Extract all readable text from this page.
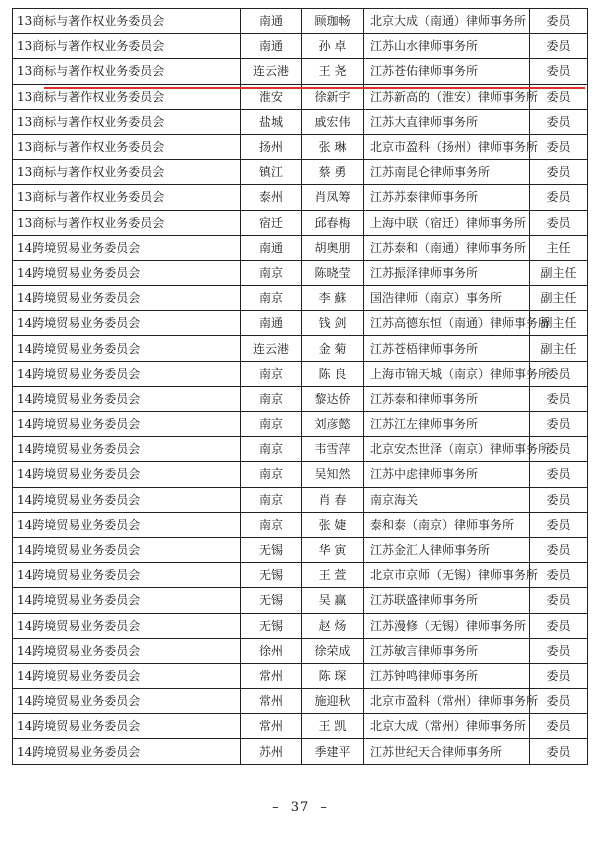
13商标与著作权业务委员会	南通	顾珈畅	北京大成（南通）律师事务所	委员
13商标与著作权业务委员会	南通	孙 卓	江苏山水律师事务所	委员
13商标与著作权业务委员会	连云港	王 尧	江苏苍佑律师事务所	委员
13商标与著作权业务委员会	淮安	徐新宇	江苏新高的（淮安）律师事务所	委员
13商标与著作权业务委员会	盐城	戚宏伟	江苏大直律师事务所	委员
13商标与著作权业务委员会	扬州	张 琳	北京市盈科（扬州）律师事务所	委员
13商标与著作权业务委员会	镇江	蔡 勇	江苏南昆仑律师事务所	委员
13商标与著作权业务委员会	泰州	肖凤筹	江苏苏泰律师事务所	委员
13商标与著作权业务委员会	宿迁	邱春梅	上海中联（宿迁）律师事务所	委员
14跨境贸易业务委员会	南通	胡奥朋	江苏泰和（南通）律师事务所	主任
14跨境贸易业务委员会	南京	陈晓莹	江苏振泽律师事务所	副主任
14跨境贸易业务委员会	南京	李 蘇	国浩律师（南京）事务所	副主任
14跨境贸易业务委员会	南通	钱 剑	江苏高德东恒（南通）律师事务所	副主任
14跨境贸易业务委员会	连云港	金 菊	江苏苍梧律师事务所	副主任
14跨境贸易业务委员会	南京	陈 良	上海市锦天城（南京）律师事务所	委员
14跨境贸易业务委员会	南京	黎达侨	江苏泰和律师事务所	委员
14跨境贸易业务委员会	南京	刘彦懿	江苏江左律师事务所	委员
14跨境贸易业务委员会	南京	韦雪萍	北京安杰世泽（南京）律师事务所	委员
14跨境贸易业务委员会	南京	吴知然	江苏中虑律师事务所	委员
14跨境贸易业务委员会	南京	肖 春	南京海关	委员
14跨境贸易业务委员会	南京	张 婕	泰和泰（南京）律师事务所	委员
14跨境贸易业务委员会	无锡	华 寅	江苏金汇人律师事务所	委员
14跨境贸易业务委员会	无锡	王 萱	北京市京师（无锡）律师事务所	委员
14跨境贸易业务委员会	无锡	吴 赢	江苏联盛律师事务所	委员
14跨境贸易业务委员会	无锡	赵 炀	江苏漫修（无锡）律师事务所	委员
14跨境贸易业务委员会	徐州	徐荣成	江苏敏言律师事务所	委员
14跨境贸易业务委员会	常州	陈 琛	江苏钟鸣律师事务所	委员
14跨境贸易业务委员会	常州	施迎秋	北京市盈科（常州）律师事务所	委员
14跨境贸易业务委员会	常州	王 凯	北京大成（常州）律师事务所	委员
14跨境贸易业务委员会	苏州	季建平	江苏世纪天合律师事务所	委员
– 37 –
